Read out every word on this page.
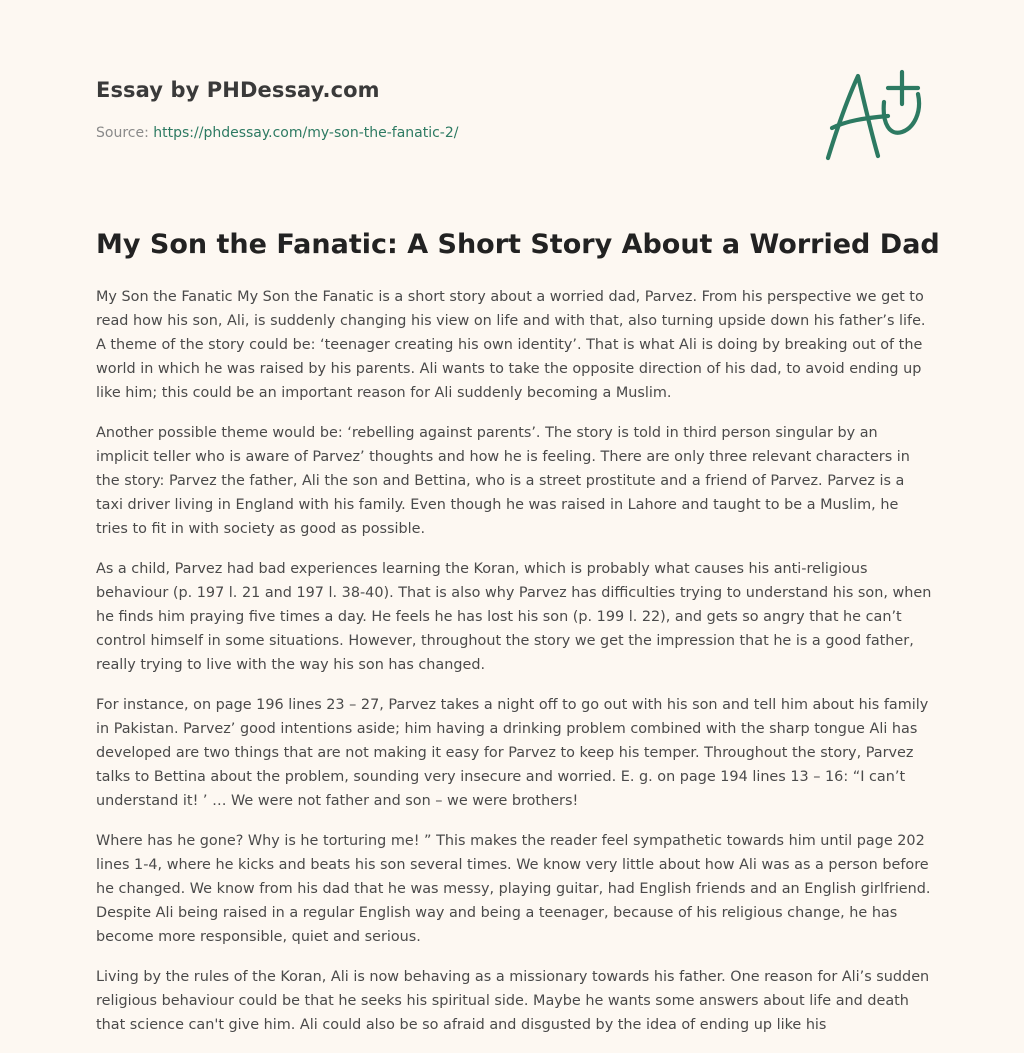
Essay by PHDessay.com
Source: https://phdessay.com/my-son-the-fanatic-2/
My Son the Fanatic: A Short Story About a Worried Dad

My Son the Fanatic My Son the Fanatic is a short story about a worried dad, Parvez. From his perspective we get to read how his son, Ali, is suddenly changing his view on life and with that, also turning upside down his father’s life. A theme of the story could be: ‘teenager creating his own identity’. That is what Ali is doing by breaking out of the world in which he was raised by his parents. Ali wants to take the opposite direction of his dad, to avoid ending up like him; this could be an important reason for Ali suddenly becoming a Muslim.

Another possible theme would be: ‘rebelling against parents’. The story is told in third person singular by an implicit teller who is aware of Parvez’ thoughts and how he is feeling. There are only three relevant characters in the story: Parvez the father, Ali the son and Bettina, who is a street prostitute and a friend of Parvez. Parvez is a taxi driver living in England with his family. Even though he was raised in Lahore and taught to be a Muslim, he tries to fit in with society as good as possible.

As a child, Parvez had bad experiences learning the Koran, which is probably what causes his anti-religious behaviour (p. 197 l. 21 and 197 l. 38-40). That is also why Parvez has difficulties trying to understand his son, when he finds him praying five times a day. He feels he has lost his son (p. 199 l. 22), and gets so angry that he can’t control himself in some situations. However, throughout the story we get the impression that he is a good father, really trying to live with the way his son has changed.

For instance, on page 196 lines 23 – 27, Parvez takes a night off to go out with his son and tell him about his family in Pakistan. Parvez’ good intentions aside; him having a drinking problem combined with the sharp tongue Ali has developed are two things that are not making it easy for Parvez to keep his temper. Throughout the story, Parvez talks to Bettina about the problem, sounding very insecure and worried. E. g. on page 194 lines 13 – 16: “I can’t understand it! ’ … We were not father and son – we were brothers!

Where has he gone? Why is he torturing me! ” This makes the reader feel sympathetic towards him until page 202 lines 1-4, where he kicks and beats his son several times. We know very little about how Ali was as a person before he changed. We know from his dad that he was messy, playing guitar, had English friends and an English girlfriend. Despite Ali being raised in a regular English way and being a teenager, because of his religious change, he has become more responsible, quiet and serious.

Living by the rules of the Koran, Ali is now behaving as a missionary towards his father. One reason for Ali’s sudden religious behaviour could be that he seeks his spiritual side. Maybe he wants some answers about life and death that science can't give him. Ali could also be so afraid and disgusted by the idea of ending up like his
